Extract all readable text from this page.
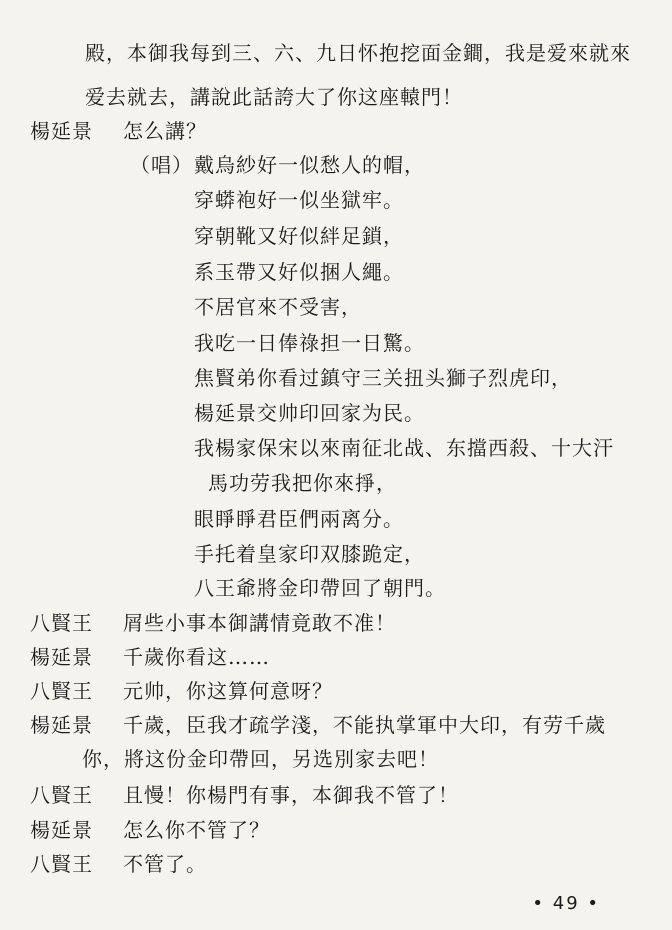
殿，本御我每到三、六、九日怀抱挖面金鐧，我是爱來就來
爱去就去，講說此話誇大了你这座轅門！
楊延景	怎么講？
（唱） 戴烏紗好一似愁人的帽，
穿蟒袍好一似坐獄牢。
穿朝靴又好似絆足鎖，
系玉帶又好似捆人繩。
不居官來不受害，
我吃一日俸祿担一日驚。
焦賢弟你看过鎮守三关扭头獅子烈虎印，
楊延景交帅印回家为民。
我楊家保宋以來南征北战、东擋西殺、十大汗
馬功劳我把你來掙，
眼睜睜君臣們兩离分。
手托着皇家印双膝跪定，
八王爺將金印帶回了朝門。
八賢王	屑些小事本御講情竟敢不准！
楊延景	千歲你看这……
八賢王	元帅，你这算何意呀？
楊延景	千歲，臣我才疏学淺，不能执掌軍中大印，有劳千歲
你，將这份金印帶回，另选別家去吧！
八賢王	且慢！你楊門有事，本御我不管了！
楊延景	怎么你不管了？
八賢王	不管了。
• 49 •
